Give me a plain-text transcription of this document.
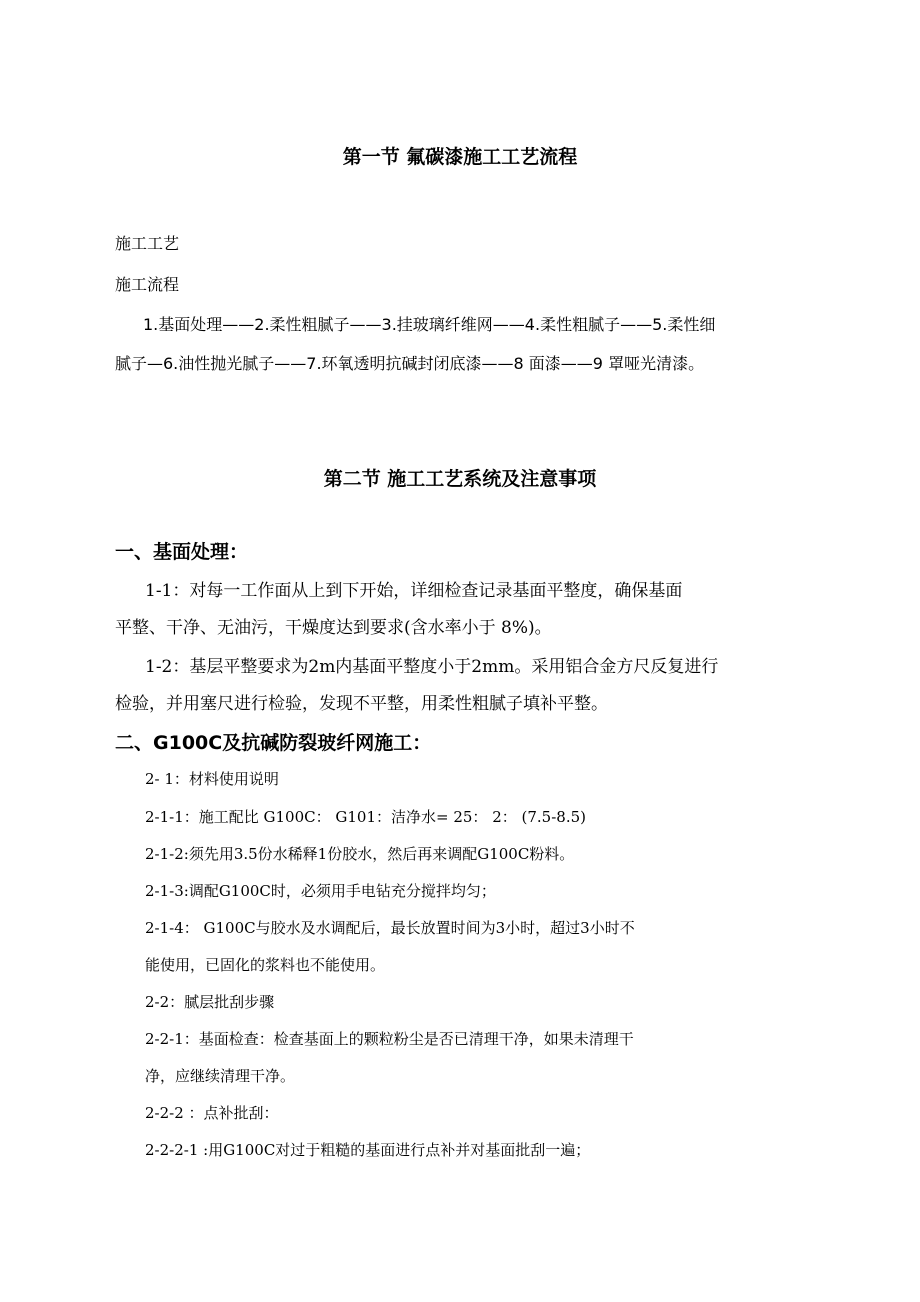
第一节 氟碳漆施工工艺流程
施工工艺
施工流程
1.基面处理——2.柔性粗腻子——3.挂玻璃纤维网——4.柔性粗腻子——5.柔性细
腻子—6.油性抛光腻子——7.环氧透明抗碱封闭底漆——8 面漆——9 罩哑光清漆。
第二节 施工工艺系统及注意事项
一、基面处理：
1-1：对每一工作面从上到下开始，详细检查记录基面平整度，确保基面
平整、干净、无油污，干燥度达到要求(含水率小于 8%)。
1-2：基层平整要求为2m内基面平整度小于2mm。采用铝合金方尺反复进行
检验，并用塞尺进行检验，发现不平整，用柔性粗腻子填补平整。
二、G100C及抗碱防裂玻纤网施工：
2- 1：材料使用说明
2-1-1：施工配比 G100C： G101：洁净水= 25： 2： (7.5-8.5)
2-1-2:须先用3.5份水稀释1份胶水，然后再来调配G100C粉料。
2-1-3:调配G100C时，必须用手电钻充分搅拌均匀；
2-1-4： G100C与胶水及水调配后，最长放置时间为3小时，超过3小时不
能使用，已固化的浆料也不能使用。
2-2：腻层批刮步骤
2-2-1：基面检查：检查基面上的颗粒粉尘是否已清理干净，如果未清理干
净，应继续清理干净。
2-2-2 ：点补批刮：
2-2-2-1 :用G100C对过于粗糙的基面进行点补并对基面批刮一遍；
